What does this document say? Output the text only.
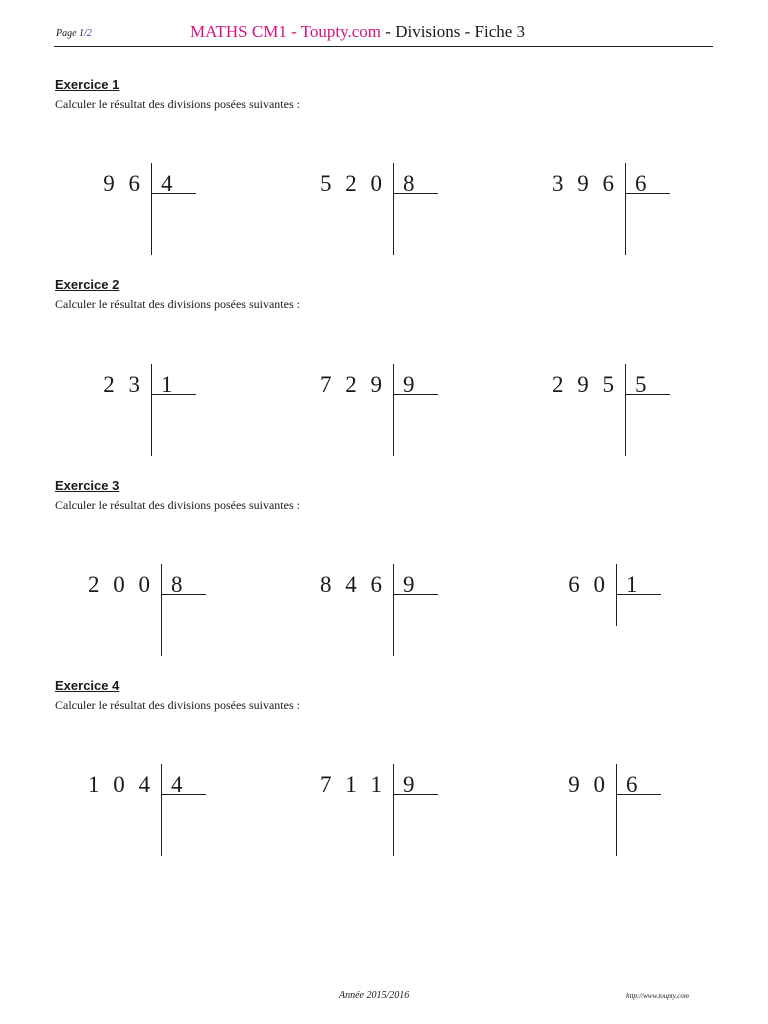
Page 1/2	MATHS CM1 - Toupty.com - Divisions - Fiche 3
Exercice 1
Calculer le résultat des divisions posées suivantes :
9 6 4	5 2 0 8	3 9 6 6
Exercice 2
Calculer le résultat des divisions posées suivantes :
2 3 1	7 2 9 9	2 9 5 5
Exercice 3
Calculer le résultat des divisions posées suivantes :
2 0 0 8	8 4 6 9	6 0 1
Exercice 4
Calculer le résultat des divisions posées suivantes :
1 0 4 4	7 1 1 9	9 0 6
Année 2015/2016	http://www.toupty.com
